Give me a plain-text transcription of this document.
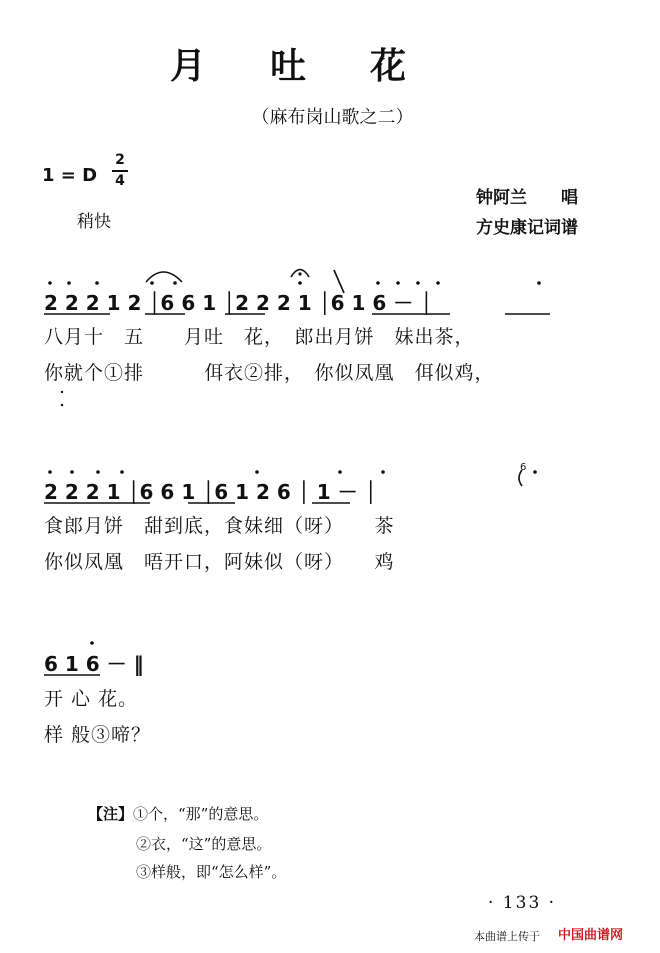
月吐花
（麻布岗山歌之二）
1 = D
2
4
稍快
钟阿兰　　唱
方史康记词谱
2 2 2 1 2 │6 6 1 │2 2 2 1 │6 1 6 － │
八月十　五　　月吐　花，　郎出月饼　妹出茶，
你就个①排　　　佴衣②排，　你似凤凰　佴似鸡，
2 2 2 1 │6 6 1 │6 1 2 6 │ 1 － │
食郎月饼　甜到底，食妹细（呀）　　茶
你似凤凰　唔开口，阿妹似（呀）　　鸡
6 1 6 － ‖
开 心 花。
样 般③啼？
6
【注】①个，“那”的意思。
②衣，“这”的意思。
③样般，即“怎么样”。
· 133 ·
本曲谱上传于 中国曲谱网
